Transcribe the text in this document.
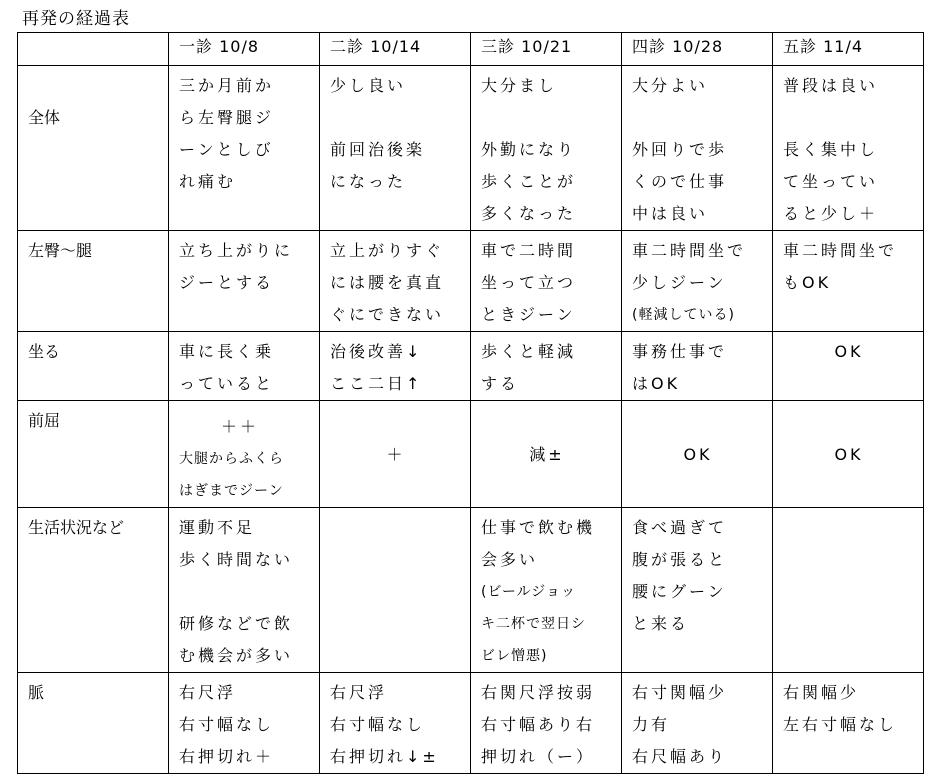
再発の経過表
	一診 10/8	二診 10/14	三診 10/21	四診 10/28	五診 11/4
全体	三か月前か
ら左臀腿ジ
ーンとしび
れ痛む	少し良い
前回治後楽
になった	大分まし
外勤になり
歩くことが
多くなった	大分よい
外回りで歩
くので仕事
中は良い	普段は良い
長く集中し
て坐ってい
ると少し＋

左臀～腿	立ち上がりに
ジーとする	立上がりすぐ
には腰を真直
ぐにできない	車で二時間
坐って立つ
ときジーン	車二時間坐で
少しジーン
(軽減している)	車二時間坐で
もOK

坐る	車に長く乗
っていると	治後改善↓
ここ二日↑	歩くと軽減
する	事務仕事で
はOK	OK

前屈	＋＋
大腿からふくら
はぎまでジーン	＋	減±	OK	OK

生活状況など	運動不足
歩く時間ない
研修などで飲
む機会が多い		仕事で飲む機
会多い
(ビールジョッ
キ二杯で翌日シ
ビレ憎悪)	食べ過ぎて
腹が張ると
腰にグーン
と来る	

脈	右尺浮
右寸幅なし
右押切れ＋	右尺浮
右寸幅なし
右押切れ↓±	右関尺浮按弱
右寸幅あり右
押切れ（ー）	右寸関幅少
力有
右尺幅あり	右関幅少
左右寸幅なし
